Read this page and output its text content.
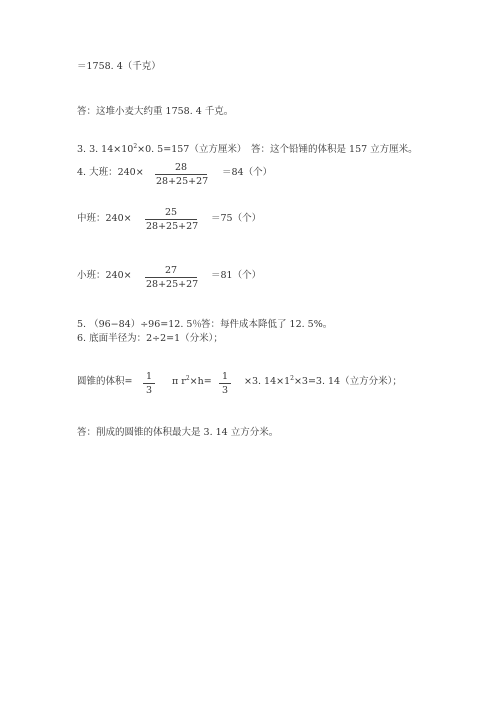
＝1758. 4（千克）
答：这堆小麦大约重 1758. 4 千克。
3. 3. $14\times 10^2\times 0$. 5=157（立方厘米） 答：这个铅锤的体积是 157 立方厘米。
4. 大班：240×	28
28+25+27
＝84（个）
中班：240×
25
28+25+27
＝75（个）
小班：240×	27
28+25+27
＝81（个）
5. （96−84）÷96=12. 5％ 答：每件成本降低了 12. 5%。
6. 底面半径为：2÷2=1（分米）；
圆锥的体积=	1
3
π $r^2\times h=$	1
3
×3. $14\times 1^2\times 3=3$. 14（立方分米）；
答：削成的圆锥的体积最大是 3. 14 立方分米。
